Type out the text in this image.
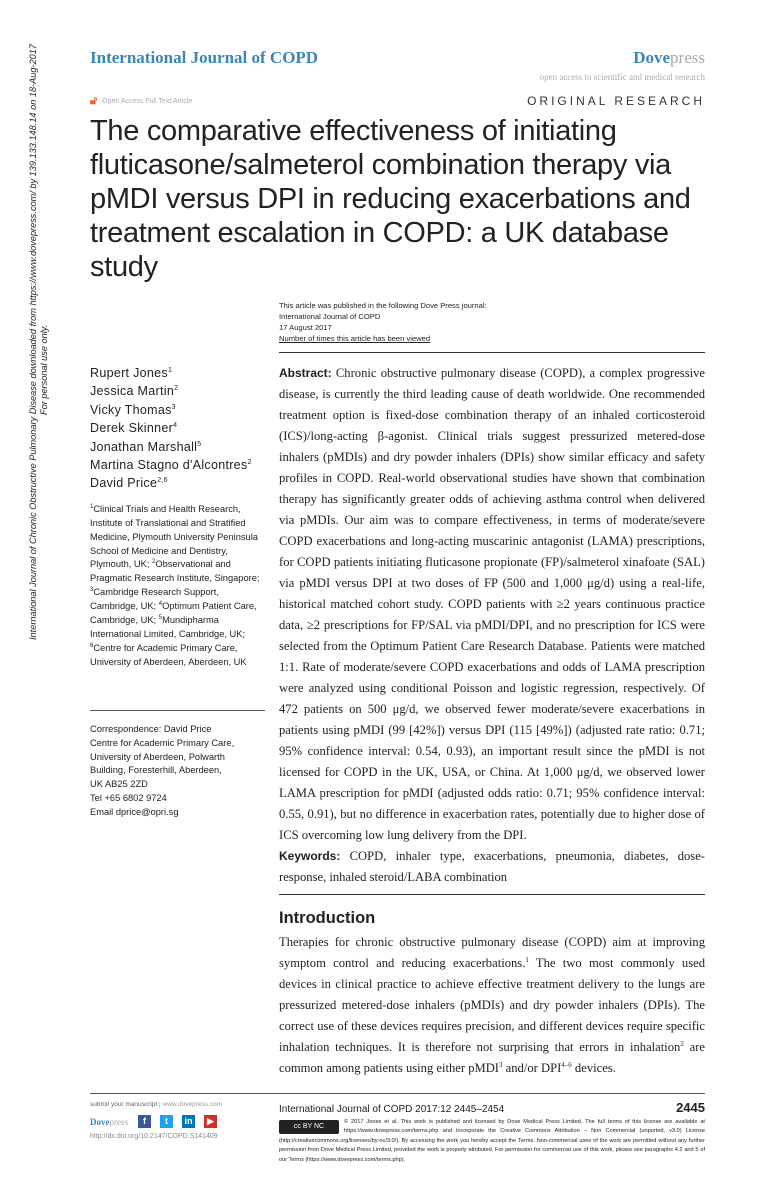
International Journal of Chronic Obstructive Pulmonary Disease downloaded from https://www.dovepress.com/ by 139.133.148.14 on 18-Aug-2017 For personal use only.
International Journal of COPD	Dovepress
open access to scientific and medical research
🔓︎ Open Access Full Text Article	ORIGINAL RESEARCH
The comparative effectiveness of initiating fluticasone/salmeterol combination therapy via pMDI versus DPI in reducing exacerbations and treatment escalation in COPD: a UK database study
This article was published in the following Dove Press journal:
International Journal of COPD
17 August 2017
Number of times this article has been viewed
Rupert Jones$^1$
Jessica Martin$^2$
Vicky Thomas$^3$
Derek Skinner$^4$
Jonathan Marshall$^5$
Martina Stagno d'Alcontres$^2$
David Price$^{2,6}$
$^1$Clinical Trials and Health Research, Institute of Translational and Stratified Medicine, Plymouth University Peninsula School of Medicine and Dentistry, Plymouth, UK; $^2$Observational and Pragmatic Research Institute, Singapore; $^3$Cambridge Research Support, Cambridge, UK; $^4$Optimum Patient Care, Cambridge, UK; $^5$Mundipharma International Limited, Cambridge, UK; $^6$Centre for Academic Primary Care, University of Aberdeen, Aberdeen, UK
Correspondence: David Price
Centre for Academic Primary Care,
University of Aberdeen, Polwarth
Building, Foresterhill, Aberdeen,
UK AB25 2ZD
Tel +65 6802 9724
Email dprice@opri.sg

Abstract: Chronic obstructive pulmonary disease (COPD), a complex progressive disease, is currently the third leading cause of death worldwide. One recommended treatment option is fixed-dose combination therapy of an inhaled corticosteroid (ICS)/long-acting β-agonist. Clinical trials suggest pressurized metered-dose inhalers (pMDIs) and dry powder inhalers (DPIs) show similar efficacy and safety profiles in COPD. Real-world observational studies have shown that combination therapy has significantly greater odds of achieving asthma control when delivered via pMDIs. Our aim was to compare effectiveness, in terms of moderate/severe COPD exacerbations and long-acting muscarinic antagonist (LAMA) prescriptions, for COPD patients initiating fluticasone propionate (FP)/salmeterol xinafoate (SAL) via pMDI versus DPI at two doses of FP (500 and 1,000 μg/d) using a real-life, historical matched cohort study. COPD patients with ≥2 years continuous practice data, ≥2 prescriptions for FP/SAL via pMDI/DPI, and no prescription for ICS were selected from the Optimum Patient Care Research Database. Patients were matched 1:1. Rate of moderate/severe COPD exacerbations and odds of LAMA prescription were analyzed using conditional Poisson and logistic regression, respectively. Of 472 patients on 500 μg/d, we observed fewer moderate/severe exacerbations in patients using pMDI (99 [42%]) versus DPI (115 [49%]) (adjusted rate ratio: 0.71; 95% confidence interval: 0.54, 0.93), an important result since the pMDI is not licensed for COPD in the UK, USA, or China. At 1,000 μg/d, we observed lower LAMA prescription for pMDI (adjusted odds ratio: 0.71; 95% confidence interval: 0.55, 0.91), but no difference in exacerbation rates, potentially due to higher dose of ICS overcoming low lung delivery from the DPI.
Keywords: COPD, inhaler type, exacerbations, pneumonia, diabetes, dose-response, inhaled steroid/LABA combination

Introduction

Therapies for chronic obstructive pulmonary disease (COPD) aim at improving symptom control and reducing exacerbations.$^1$ The two most commonly used devices in clinical practice to achieve effective treatment delivery to the lungs are pressurized metered-dose inhalers (pMDIs) and dry powder inhalers (DPIs). The correct use of these devices requires precision, and different devices require specific inhalation techniques. It is therefore not surprising that errors in inhalation$^2$ are common among patients using either pMDI$^3$ and/or DPI$^{4-6}$ devices.

submit your manuscript | www.dovepress.com
Dovepress	f	t	in	▶
http://dx.doi.org/10.2147/COPD.S141409
International Journal of COPD 2017:12 2445–2454	2445
cc BY NC
© 2017 Jones et al. This work is published and licensed by Dove Medical Press Limited. The full terms of this license are available at https://www.dovepress.com/terms.php and incorporate the Creative Commons Attribution – Non Commercial (unported, v3.0) License (http://creativecommons.org/licenses/by-nc/3.0/). By accessing the work you hereby accept the Terms. Non-commercial uses of the work are permitted without any further permission from Dove Medical Press Limited, provided the work is properly attributed. For permission for commercial use of this work, please see paragraphs 4.2 and 5 of our Terms (https://www.dovepress.com/terms.php).
